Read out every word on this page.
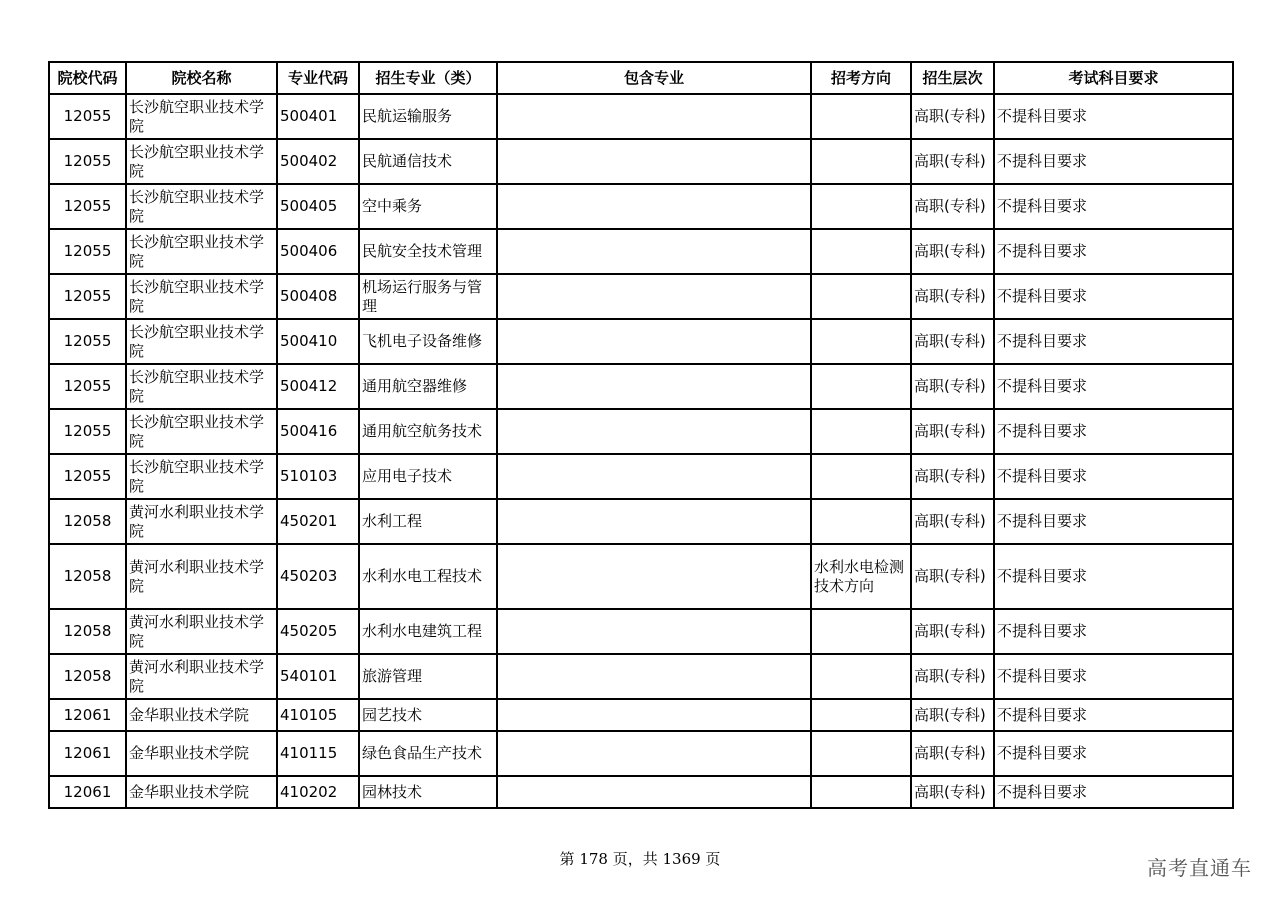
院校代码	院校名称	专业代码	招生专业（类）	包含专业	招考方向	招生层次	考试科目要求
12055	长沙航空职业技术学院	500401	民航运输服务			高职(专科)	不提科目要求
12055	长沙航空职业技术学院	500402	民航通信技术			高职(专科)	不提科目要求
12055	长沙航空职业技术学院	500405	空中乘务			高职(专科)	不提科目要求
12055	长沙航空职业技术学院	500406	民航安全技术管理			高职(专科)	不提科目要求
12055	长沙航空职业技术学院	500408	机场运行服务与管理			高职(专科)	不提科目要求
12055	长沙航空职业技术学院	500410	飞机电子设备维修			高职(专科)	不提科目要求
12055	长沙航空职业技术学院	500412	通用航空器维修			高职(专科)	不提科目要求
12055	长沙航空职业技术学院	500416	通用航空航务技术			高职(专科)	不提科目要求
12055	长沙航空职业技术学院	510103	应用电子技术			高职(专科)	不提科目要求
12058	黄河水利职业技术学院	450201	水利工程			高职(专科)	不提科目要求
12058	黄河水利职业技术学院	450203	水利水电工程技术		水利水电检测技术方向	高职(专科)	不提科目要求
12058	黄河水利职业技术学院	450205	水利水电建筑工程			高职(专科)	不提科目要求
12058	黄河水利职业技术学院	540101	旅游管理			高职(专科)	不提科目要求
12061	金华职业技术学院	410105	园艺技术			高职(专科)	不提科目要求
12061	金华职业技术学院	410115	绿色食品生产技术			高职(专科)	不提科目要求
12061	金华职业技术学院	410202	园林技术			高职(专科)	不提科目要求
第 178 页，共 1369 页	高考直通车
